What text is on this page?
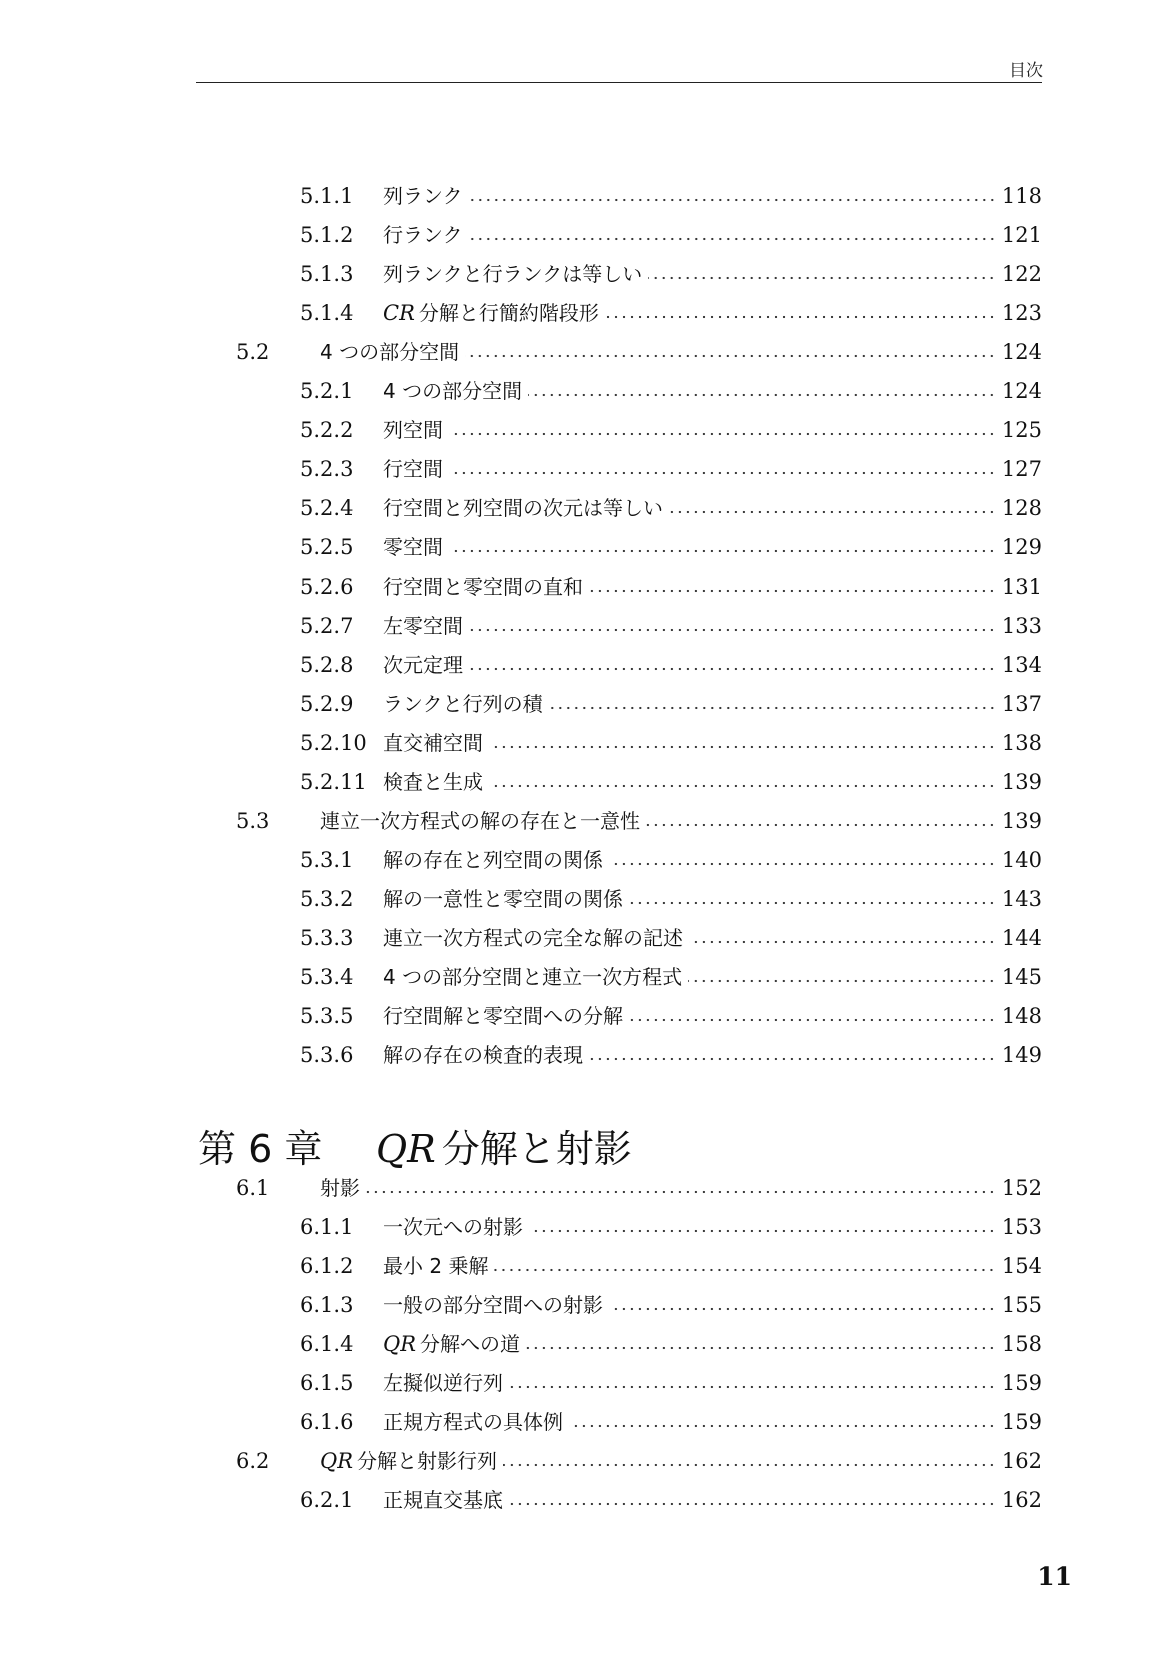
目次
5.1.1	列ランク	118
5.1.2	行ランク	121
5.1.3	列ランクと行ランクは等しい	122
5.1.4	CR 分解と行簡約階段形	123
5.2	4 つの部分空間	124
5.2.1	4 つの部分空間	124
5.2.2	列空間	125
5.2.3	行空間	127
5.2.4	行空間と列空間の次元は等しい	128
5.2.5	零空間	129
5.2.6	行空間と零空間の直和	131
5.2.7	左零空間	133
5.2.8	次元定理	134
5.2.9	ランクと行列の積	137
5.2.10 直交補空間	138
5.2.11 検査と生成	139
5.3	連立一次方程式の解の存在と一意性	139
5.3.1	解の存在と列空間の関係	140
5.3.2	解の一意性と零空間の関係	143
5.3.3	連立一次方程式の完全な解の記述	144
5.3.4	4 つの部分空間と連立一次方程式	145
5.3.5	行空間解と零空間への分解	148
5.3.6	解の存在の検査的表現	149
第 6 章	QR 分解と射影
6.1	射影	152
6.1.1	一次元への射影	153
6.1.2	最小 2 乗解	154
6.1.3	一般の部分空間への射影	155
6.1.4	QR 分解への道	158
6.1.5	左擬似逆行列	159
6.1.6	正規方程式の具体例	159
6.2	QR 分解と射影行列	162
6.2.1	正規直交基底	162
11
